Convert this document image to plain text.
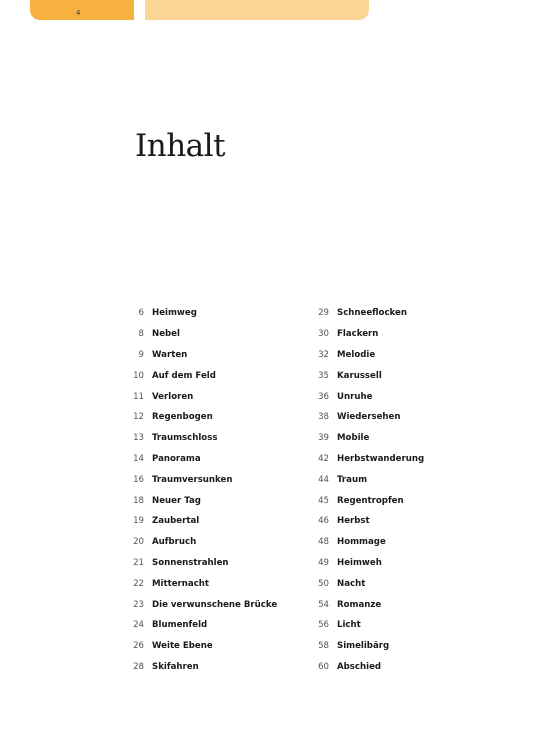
4
Inhalt
6 Heimweg
8 Nebel
9 Warten
10 Auf dem Feld
11 Verloren
12 Regenbogen
13 Traumschloss
14 Panorama
16 Traumversunken
18 Neuer Tag
19 Zaubertal
20 Aufbruch
21 Sonnenstrahlen
22 Mitternacht
23 Die verwunschene Brücke
24 Blumenfeld
26 Weite Ebene
28 Skifahren
29 Schneeflocken
30 Flackern
32 Melodie
35 Karussell
36 Unruhe
38 Wiedersehen
39 Mobile
42 Herbstwanderung
44 Traum
45 Regentropfen
46 Herbst
48 Hommage
49 Heimweh
50 Nacht
54 Romanze
56 Licht
58 Simelibärg
60 Abschied
